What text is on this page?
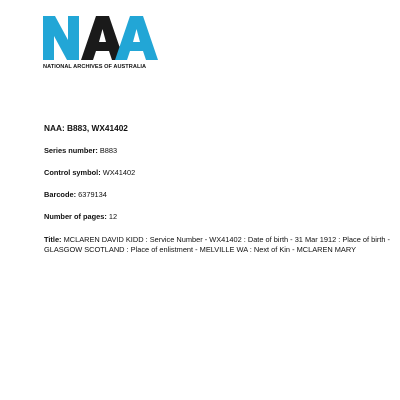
NATIONAL ARCHIVES OF AUSTRALIA
NAA: B883, WX41402
Series number: B883
Control symbol: WX41402
Barcode: 6379134
Number of pages: 12
Title: MCLAREN DAVID KIDD : Service Number - WX41402 : Date of birth - 31 Mar 1912 : Place of birth - GLASGOW SCOTLAND : Place of enlistment - MELVILLE WA : Next of Kin - MCLAREN MARY
